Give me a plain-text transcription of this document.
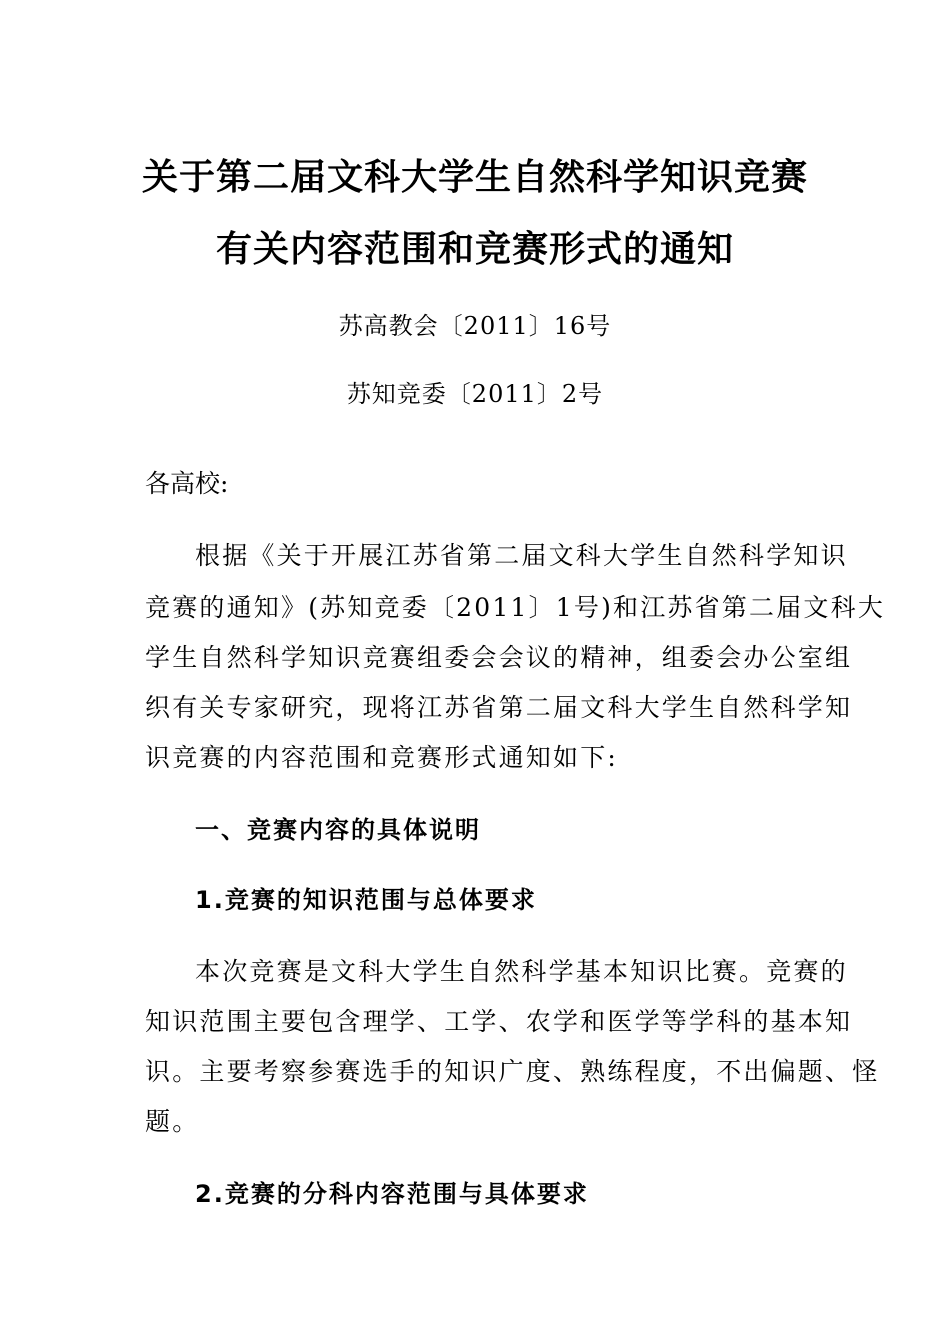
关于第二届文科大学生自然科学知识竞赛
有关内容范围和竞赛形式的通知
苏高教会〔2011〕16号
苏知竞委〔2011〕2号
各高校:
根据《关于开展江苏省第二届文科大学生自然科学知识
竞赛的通知》(苏知竞委〔2011〕1号)和江苏省第二届文科大
学生自然科学知识竞赛组委会会议的精神，组委会办公室组
织有关专家研究，现将江苏省第二届文科大学生自然科学知
识竞赛的内容范围和竞赛形式通知如下:
一、竞赛内容的具体说明
1.竞赛的知识范围与总体要求
本次竞赛是文科大学生自然科学基本知识比赛。竞赛的
知识范围主要包含理学、工学、农学和医学等学科的基本知
识。主要考察参赛选手的知识广度、熟练程度，不出偏题、怪
题。
2.竞赛的分科内容范围与具体要求
